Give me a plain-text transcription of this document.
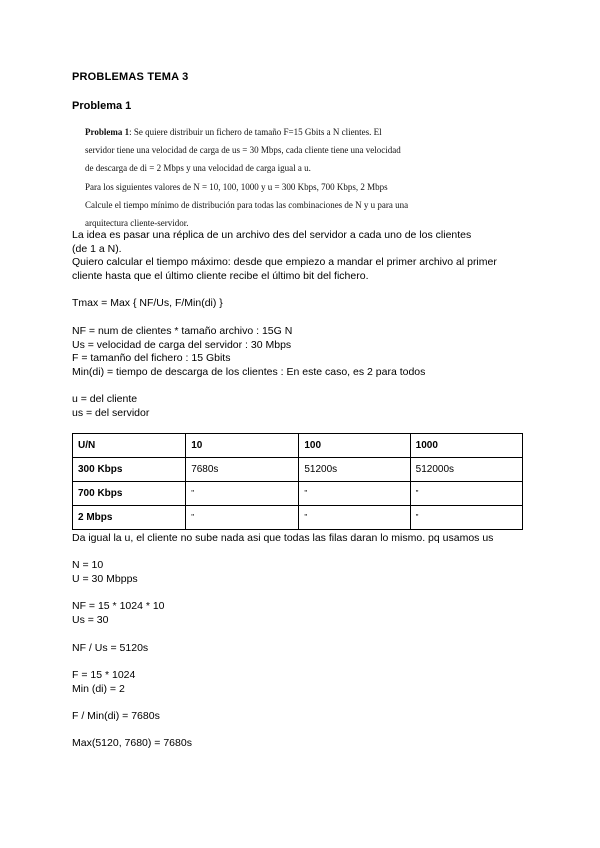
PROBLEMAS TEMA 3
Problema 1
Problema 1: Se quiere distribuir un fichero de tamaño F=15 Gbits a N clientes. El
servidor tiene una velocidad de carga de us = 30 Mbps, cada cliente tiene una velocidad
de descarga de di = 2 Mbps y una velocidad de carga igual a u.
Para los siguientes valores de N = 10, 100, 1000 y u = 300 Kbps, 700 Kbps, 2 Mbps
Calcule el tiempo mínimo de distribución para todas las combinaciones de N y u para una
arquitectura cliente-servidor.
La idea es pasar una réplica de un archivo des del servidor a cada uno de los clientes
(de 1 a N).
Quiero calcular el tiempo máximo: desde que empiezo a mandar el primer archivo al primer
cliente hasta que el último cliente recibe el último bit del fichero.
Tmax = Max { NF/Us, F/Min(di) }
NF = num de clientes * tamaño archivo : 15G N
Us = velocidad de carga del servidor : 30 Mbps
F = tamanño del fichero : 15 Gbits
Min(di) = tiempo de descarga de los clientes : En este caso, es 2 para todos
u = del cliente
us = del servidor
U/N	10	100	1000
300 Kbps	7680s	51200s	512000s
700 Kbps	"	"	"
2 Mbps	"	"	"
Da igual la u, el cliente no sube nada asi que todas las filas daran lo mismo. pq usamos us
N = 10
U = 30 Mbpps
NF = 15 * 1024 * 10
Us = 30
NF / Us = 5120s
F = 15 * 1024
Min (di) = 2
F / Min(di) = 7680s
Max(5120, 7680) = 7680s
